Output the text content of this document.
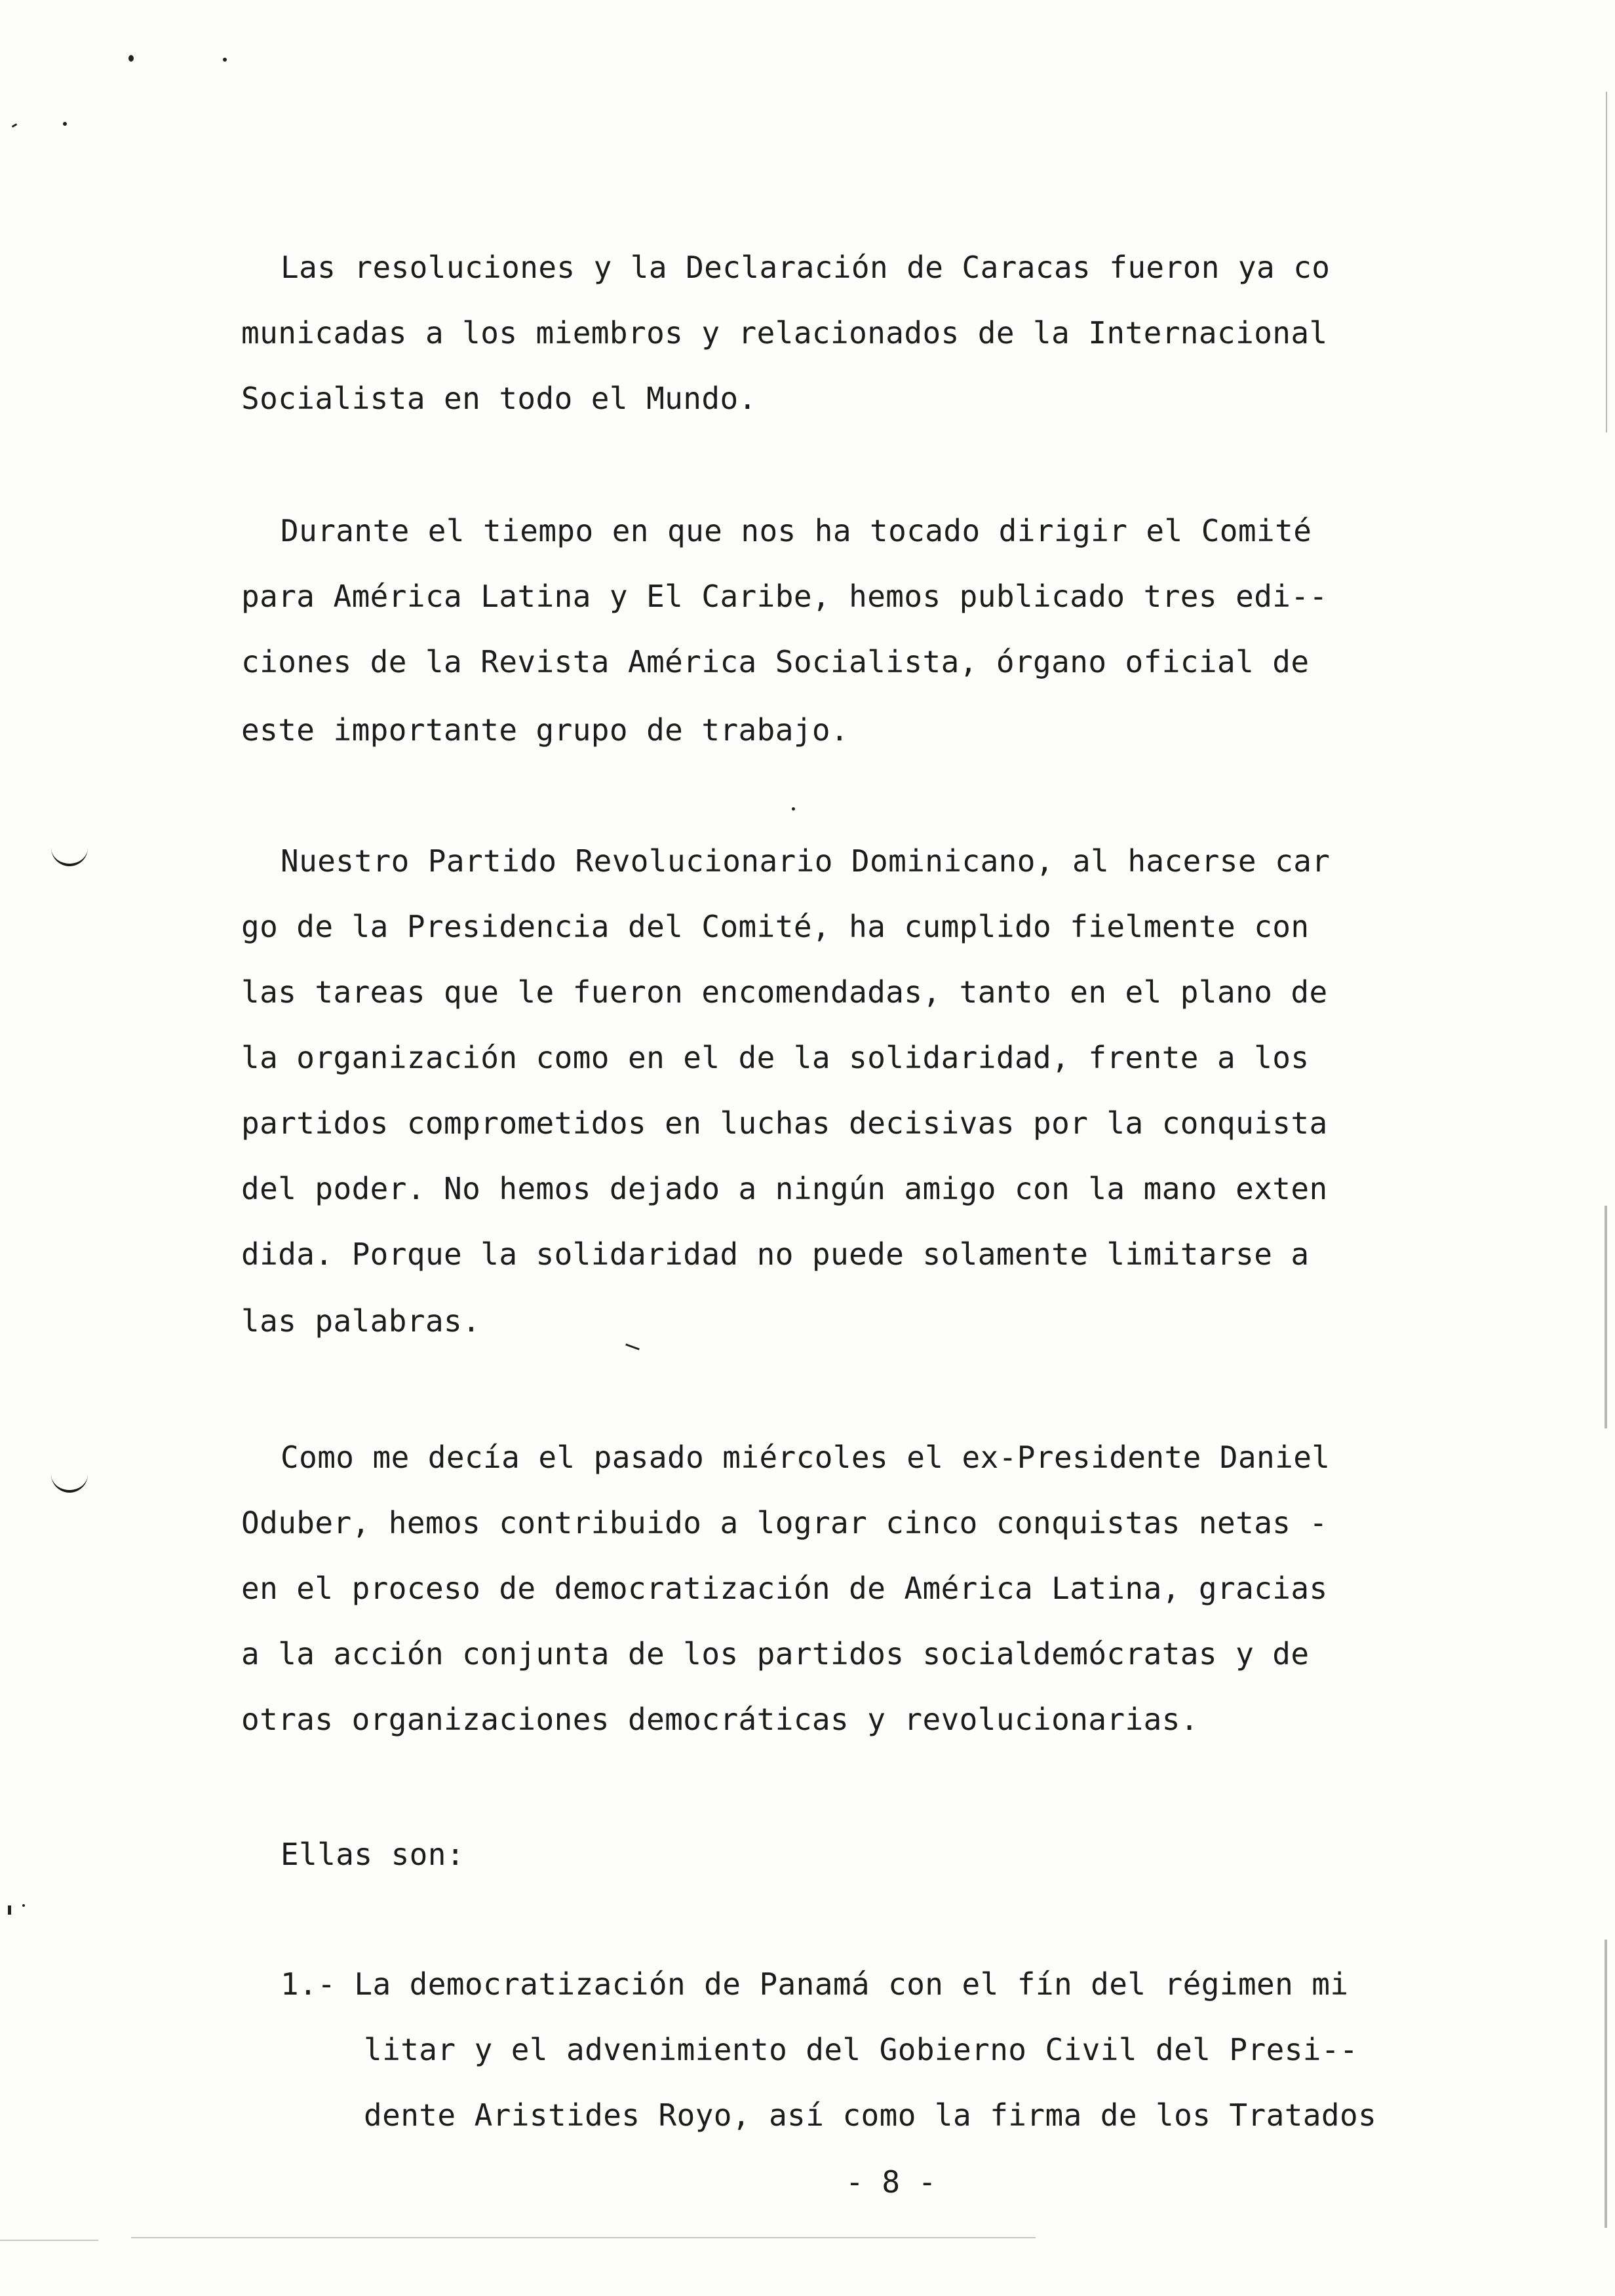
Las resoluciones y la Declaración de Caracas fueron ya co
municadas a los miembros y relacionados de la Internacional
Socialista en todo el Mundo.
Durante el tiempo en que nos ha tocado dirigir el Comité
para América Latina y El Caribe, hemos publicado tres edi--
ciones de la Revista América Socialista, órgano oficial de
este importante grupo de trabajo.
Nuestro Partido Revolucionario Dominicano, al hacerse car
go de la Presidencia del Comité, ha cumplido fielmente con
las tareas que le fueron encomendadas, tanto en el plano de
la organización como en el de la solidaridad, frente a los
partidos comprometidos en luchas decisivas por la conquista
del poder. No hemos dejado a ningún amigo con la mano exten
dida. Porque la solidaridad no puede solamente limitarse a
las palabras.
Como me decía el pasado miércoles el ex-Presidente Daniel
Oduber, hemos contribuido a lograr cinco conquistas netas -
en el proceso de democratización de América Latina, gracias
a la acción conjunta de los partidos socialdemócratas y de
otras organizaciones democráticas y revolucionarias.
Ellas son:
1.- La democratización de Panamá con el fín del régimen mi
litar y el advenimiento del Gobierno Civil del Presi--
dente Aristides Royo, así como la firma de los Tratados
- 8 -
